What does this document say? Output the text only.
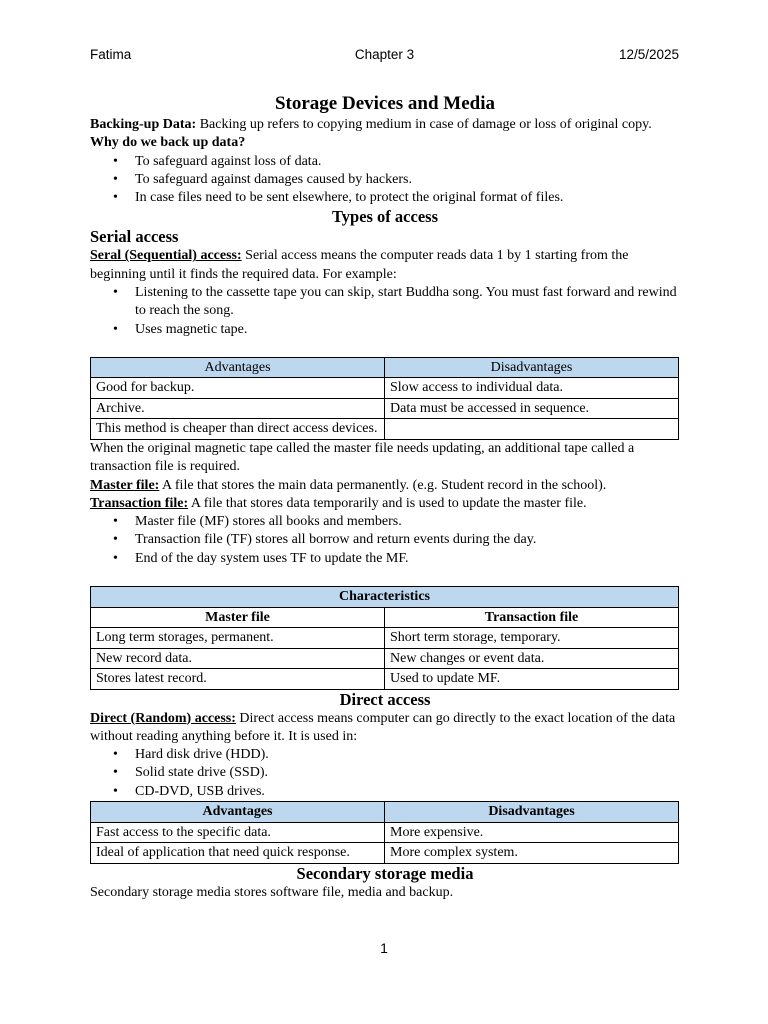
Fatima	Chapter 3	12/5/2025

Storage Devices and Media

Backing-up Data: Backing up refers to copying medium in case of damage or loss of original copy.

Why do we back up data?

• To safeguard against loss of data.
• To safeguard against damages caused by hackers.
• In case files need to be sent elsewhere, to protect the original format of files.

Types of access

Serial access

Seral (Sequential) access: Serial access means the computer reads data 1 by 1 starting from the beginning until it finds the required data. For example:

• Listening to the cassette tape you can skip, start Buddha song. You must fast forward and rewind to reach the song.
• Uses magnetic tape.
Advantages	Disadvantages
Good for backup.	Slow access to individual data.
Archive.	Data must be accessed in sequence.
This method is cheaper than direct access devices.	

When the original magnetic tape called the master file needs updating, an additional tape called a transaction file is required.

Master file: A file that stores the main data permanently. (e.g. Student record in the school).

Transaction file: A file that stores data temporarily and is used to update the master file.

• Master file (MF) stores all books and members.
• Transaction file (TF) stores all borrow and return events during the day.
• End of the day system uses TF to update the MF.
Characteristics	
Master file	Transaction file
Long term storages, permanent.	Short term storage, temporary.
New record data.	New changes or event data.
Stores latest record.	Used to update MF.

Direct access

Direct (Random) access: Direct access means computer can go directly to the exact location of the data without reading anything before it. It is used in:

• Hard disk drive (HDD).
• Solid state drive (SSD).
• CD-DVD, USB drives.
Advantages	Disadvantages
Fast access to the specific data.	More expensive.
Ideal of application that need quick response.	More complex system.

Secondary storage media

Secondary storage media stores software file, media and backup.

1
